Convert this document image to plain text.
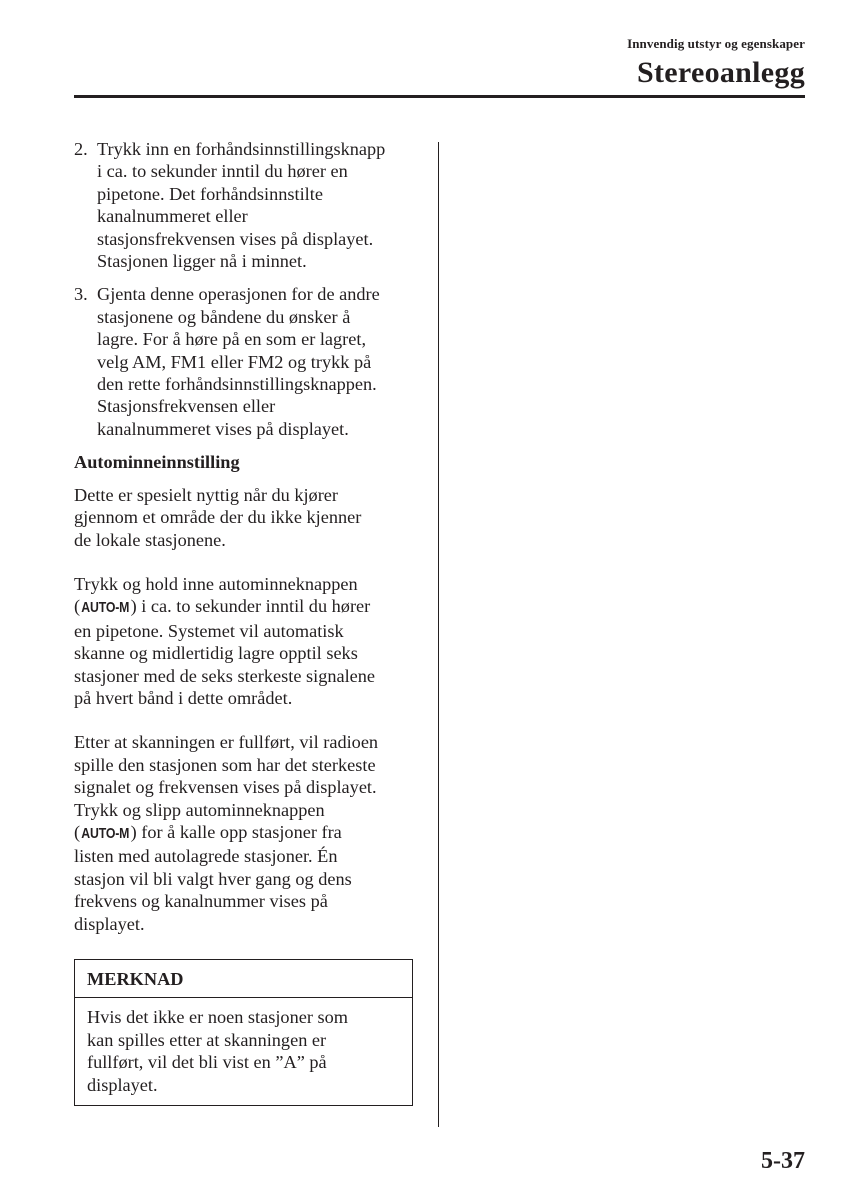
Innvendig utstyr og egenskaper
Stereoanlegg
2. Trykk inn en forhåndsinnstillingsknapp
i ca. to sekunder inntil du hører en
pipetone. Det forhåndsinnstilte
kanalnummeret eller
stasjonsfrekvensen vises på displayet.
Stasjonen ligger nå i minnet.
3. Gjenta denne operasjonen for de andre
stasjonene og båndene du ønsker å
lagre. For å høre på en som er lagret,
velg AM, FM1 eller FM2 og trykk på
den rette forhåndsinnstillingsknappen.
Stasjonsfrekvensen eller
kanalnummeret vises på displayet.
Autominneinnstilling

Dette er spesielt nyttig når du kjører
gjennom et område der du ikke kjenner
de lokale stasjonene.

Trykk og hold inne autominneknappen
(AUTO-M) i ca. to sekunder inntil du hører
en pipetone. Systemet vil automatisk
skanne og midlertidig lagre opptil seks
stasjoner med de seks sterkeste signalene
på hvert bånd i dette området.

Etter at skanningen er fullført, vil radioen
spille den stasjonen som har det sterkeste
signalet og frekvensen vises på displayet.
Trykk og slipp autominneknappen
(AUTO-M) for å kalle opp stasjoner fra
listen med autolagrede stasjoner. Én
stasjon vil bli valgt hver gang og dens
frekvens og kanalnummer vises på
displayet.

MERKNAD
Hvis det ikke er noen stasjoner som
kan spilles etter at skanningen er
fullført, vil det bli vist en ”A” på
displayet.
5-37
